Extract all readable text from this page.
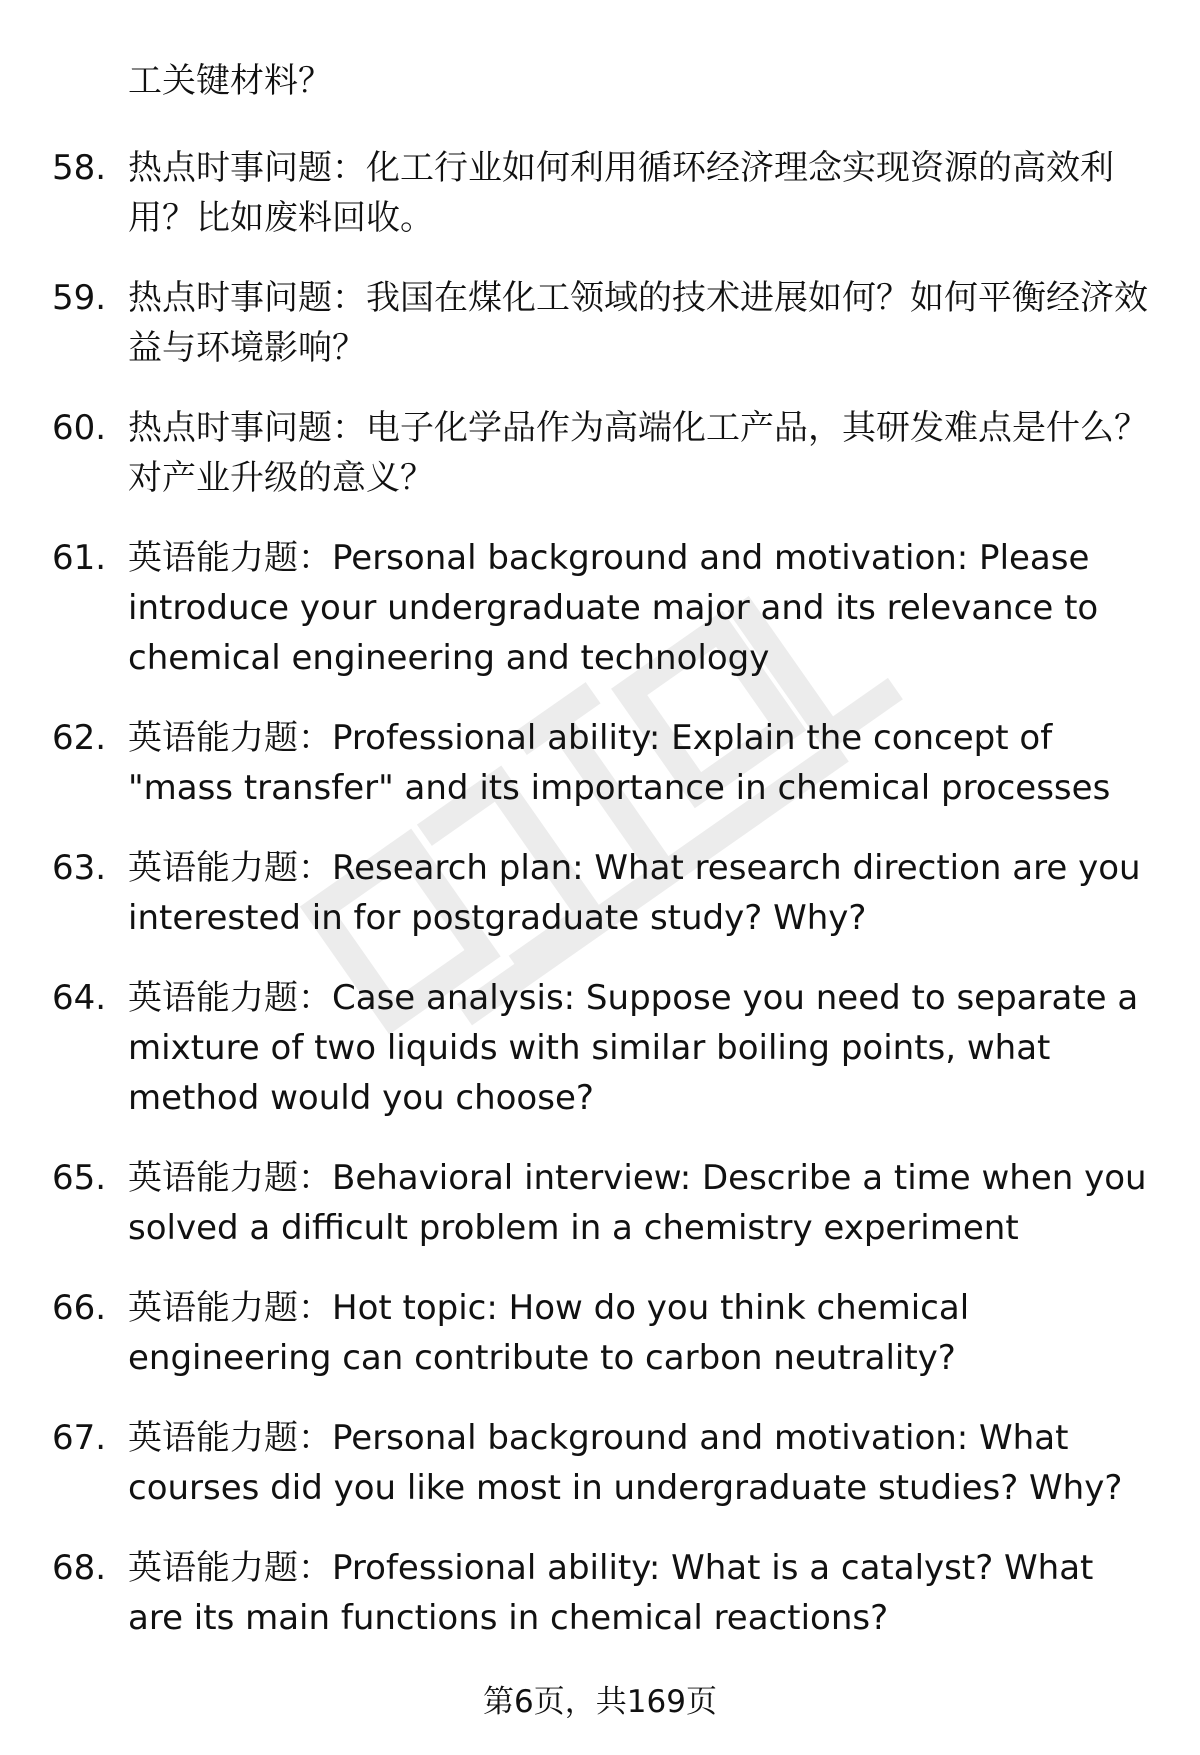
工关键材料？

58. 热点时事问题：化工行业如何利用循环经济理念实现资源的高效利用？比如废料回收。

59. 热点时事问题：我国在煤化工领域的技术进展如何？如何平衡经济效益与环境影响？

60. 热点时事问题：电子化学品作为高端化工产品，其研发难点是什么？对产业升级的意义？

61. 英语能力题：Personal background and motivation: Please introduce your undergraduate major and its relevance to chemical engineering and technology

62. 英语能力题：Professional ability: Explain the concept of "mass transfer" and its importance in chemical processes

63. 英语能力题：Research plan: What research direction are you interested in for postgraduate study? Why?

64. 英语能力题：Case analysis: Suppose you need to separate a mixture of two liquids with similar boiling points, what method would you choose?

65. 英语能力题：Behavioral interview: Describe a time when you solved a difficult problem in a chemistry experiment

66. 英语能力题：Hot topic: How do you think chemical engineering can contribute to carbon neutrality?

67. 英语能力题：Personal background and motivation: What courses did you like most in undergraduate studies? Why?

68. 英语能力题：Professional ability: What is a catalyst? What are its main functions in chemical reactions?

第6页，共169页
